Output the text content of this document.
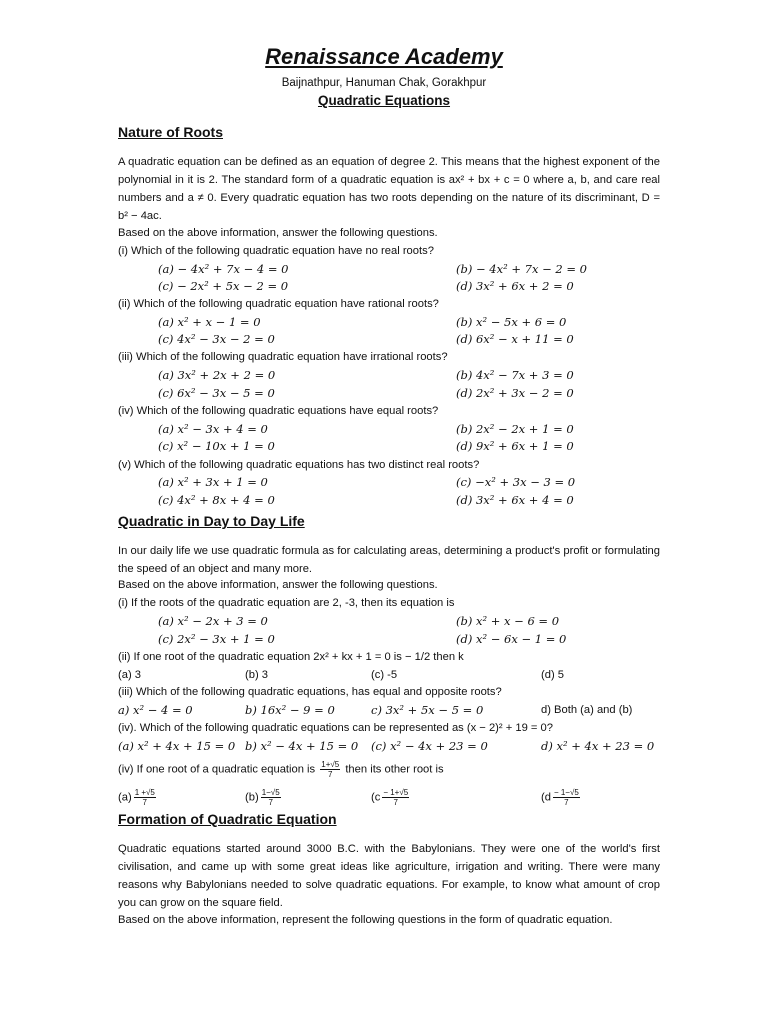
Renaissance Academy
Baijnathpur, Hanuman Chak, Gorakhpur
Quadratic Equations
Nature of Roots
A quadratic equation can be defined as an equation of degree 2. This means that the highest exponent of the polynomial in it is 2. The standard form of a quadratic equation is ax² + bx + c = 0 where a, b, and care real numbers and a ≠ 0. Every quadratic equation has two roots depending on the nature of its discriminant, D = b² − 4ac.
Based on the above information, answer the following questions.
(i) Which of the following quadratic equation have no real roots?
(a) − 4x² + 7x − 4 = 0	(b) − 4x² + 7x − 2 = 0
(c) − 2x² + 5x − 2 = 0	(d) 3x² + 6x + 2 = 0
(ii) Which of the following quadratic equation have rational roots?
(a) x² + x − 1 = 0	(b) x² − 5x + 6 = 0
(c) 4x² − 3x − 2 = 0	(d) 6x² − x + 11 = 0
(iii) Which of the following quadratic equation have irrational roots?
(a) 3x² + 2x + 2 = 0	(b) 4x² − 7x + 3 = 0
(c) 6x² − 3x − 5 = 0	(d) 2x² + 3x − 2 = 0
(iv) Which of the following quadratic equations have equal roots?
(a) x² − 3x + 4 = 0	(b) 2x² − 2x + 1 = 0
(c) x² − 10x + 1 = 0	(d) 9x² + 6x + 1 = 0
(v) Which of the following quadratic equations has two distinct real roots?
(a) x² + 3x + 1 = 0	(c) −x² + 3x − 3 = 0
(c) 4x² + 8x + 4 = 0	(d) 3x² + 6x + 4 = 0
Quadratic in Day to Day Life
In our daily life we use quadratic formula as for calculating areas, determining a product's profit or formulating the speed of an object and many more.
Based on the above information, answer the following questions.
(i) If the roots of the quadratic equation are 2, -3, then its equation is
(a) x² − 2x + 3 = 0	(b) x² + x − 6 = 0
(c) 2x² − 3x + 1 = 0	(d) x² − 6x − 1 = 0
(ii) If one root of the quadratic equation 2x² + kx + 1 = 0 is − 1/2 then k
(a) 3	(b) 3	(c) -5	(d) 5
(iii) Which of the following quadratic equations, has equal and opposite roots?
a) x² − 4 = 0	b) 16x² − 9 = 0	c) 3x² + 5x − 5 = 0	d) Both (a) and (b)
(iv). Which of the following quadratic equations can be represented as (x − 2)² + 19 = 0?
(a) x² + 4x + 15 = 0 b) x² − 4x + 15 = 0 (c) x² − 4x + 23 = 0	d) x² + 4x + 23 = 0
(iv) If one root of a quadratic equation is $\frac{1+√5}{7}$ then its other root is
$(a) \frac{1 +√5}{7}$	$(b) \frac{1-√5}{7}$	($c \frac{- 1+√5}{7}$	($d \frac{- 1-√5}{7}$
Formation of Quadratic Equation
Quadratic equations started around 3000 B.C. with the Babylonians. They were one of the world's first civilisation, and came up with some great ideas like agriculture, irrigation and writing. There were many reasons why Babylonians needed to solve quadratic equations. For example, to know what amount of crop you can grow on the square field.
Based on the above information, represent the following questions in the form of quadratic equation.
